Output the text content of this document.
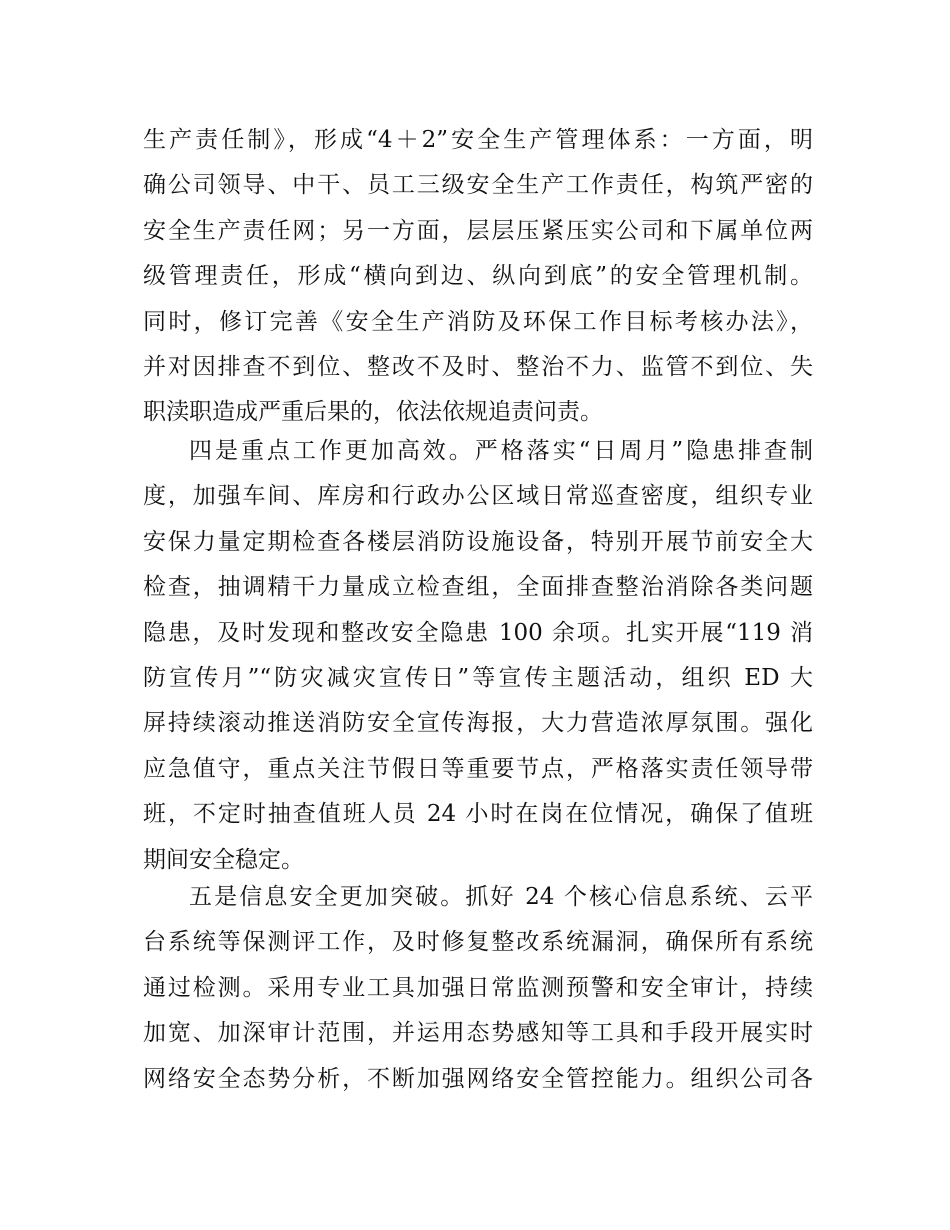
生产责任制》，形成“4＋2”安全生产管理体系：一方面，明
确公司领导、中干、员工三级安全生产工作责任，构筑严密的
安全生产责任网；另一方面，层层压紧压实公司和下属单位两
级管理责任，形成“横向到边、纵向到底”的安全管理机制。
同时，修订完善《安全生产消防及环保工作目标考核办法》，
并对因排查不到位、整改不及时、整治不力、监管不到位、失
职渎职造成严重后果的，依法依规追责问责。
四是重点工作更加高效。严格落实“日周月”隐患排查制
度，加强车间、库房和行政办公区域日常巡查密度，组织专业
安保力量定期检查各楼层消防设施设备，特别开展节前安全大
检查，抽调精干力量成立检查组，全面排查整治消除各类问题
隐患，及时发现和整改安全隐患 100 余项。扎实开展“119 消
防宣传月”“防灾减灾宣传日”等宣传主题活动，组织 ED 大
屏持续滚动推送消防安全宣传海报，大力营造浓厚氛围。强化
应急值守，重点关注节假日等重要节点，严格落实责任领导带
班，不定时抽查值班人员 24 小时在岗在位情况，确保了值班
期间安全稳定。
五是信息安全更加突破。抓好 24 个核心信息系统、云平
台系统等保测评工作，及时修复整改系统漏洞，确保所有系统
通过检测。采用专业工具加强日常监测预警和安全审计，持续
加宽、加深审计范围，并运用态势感知等工具和手段开展实时
网络安全态势分析，不断加强网络安全管控能力。组织公司各
